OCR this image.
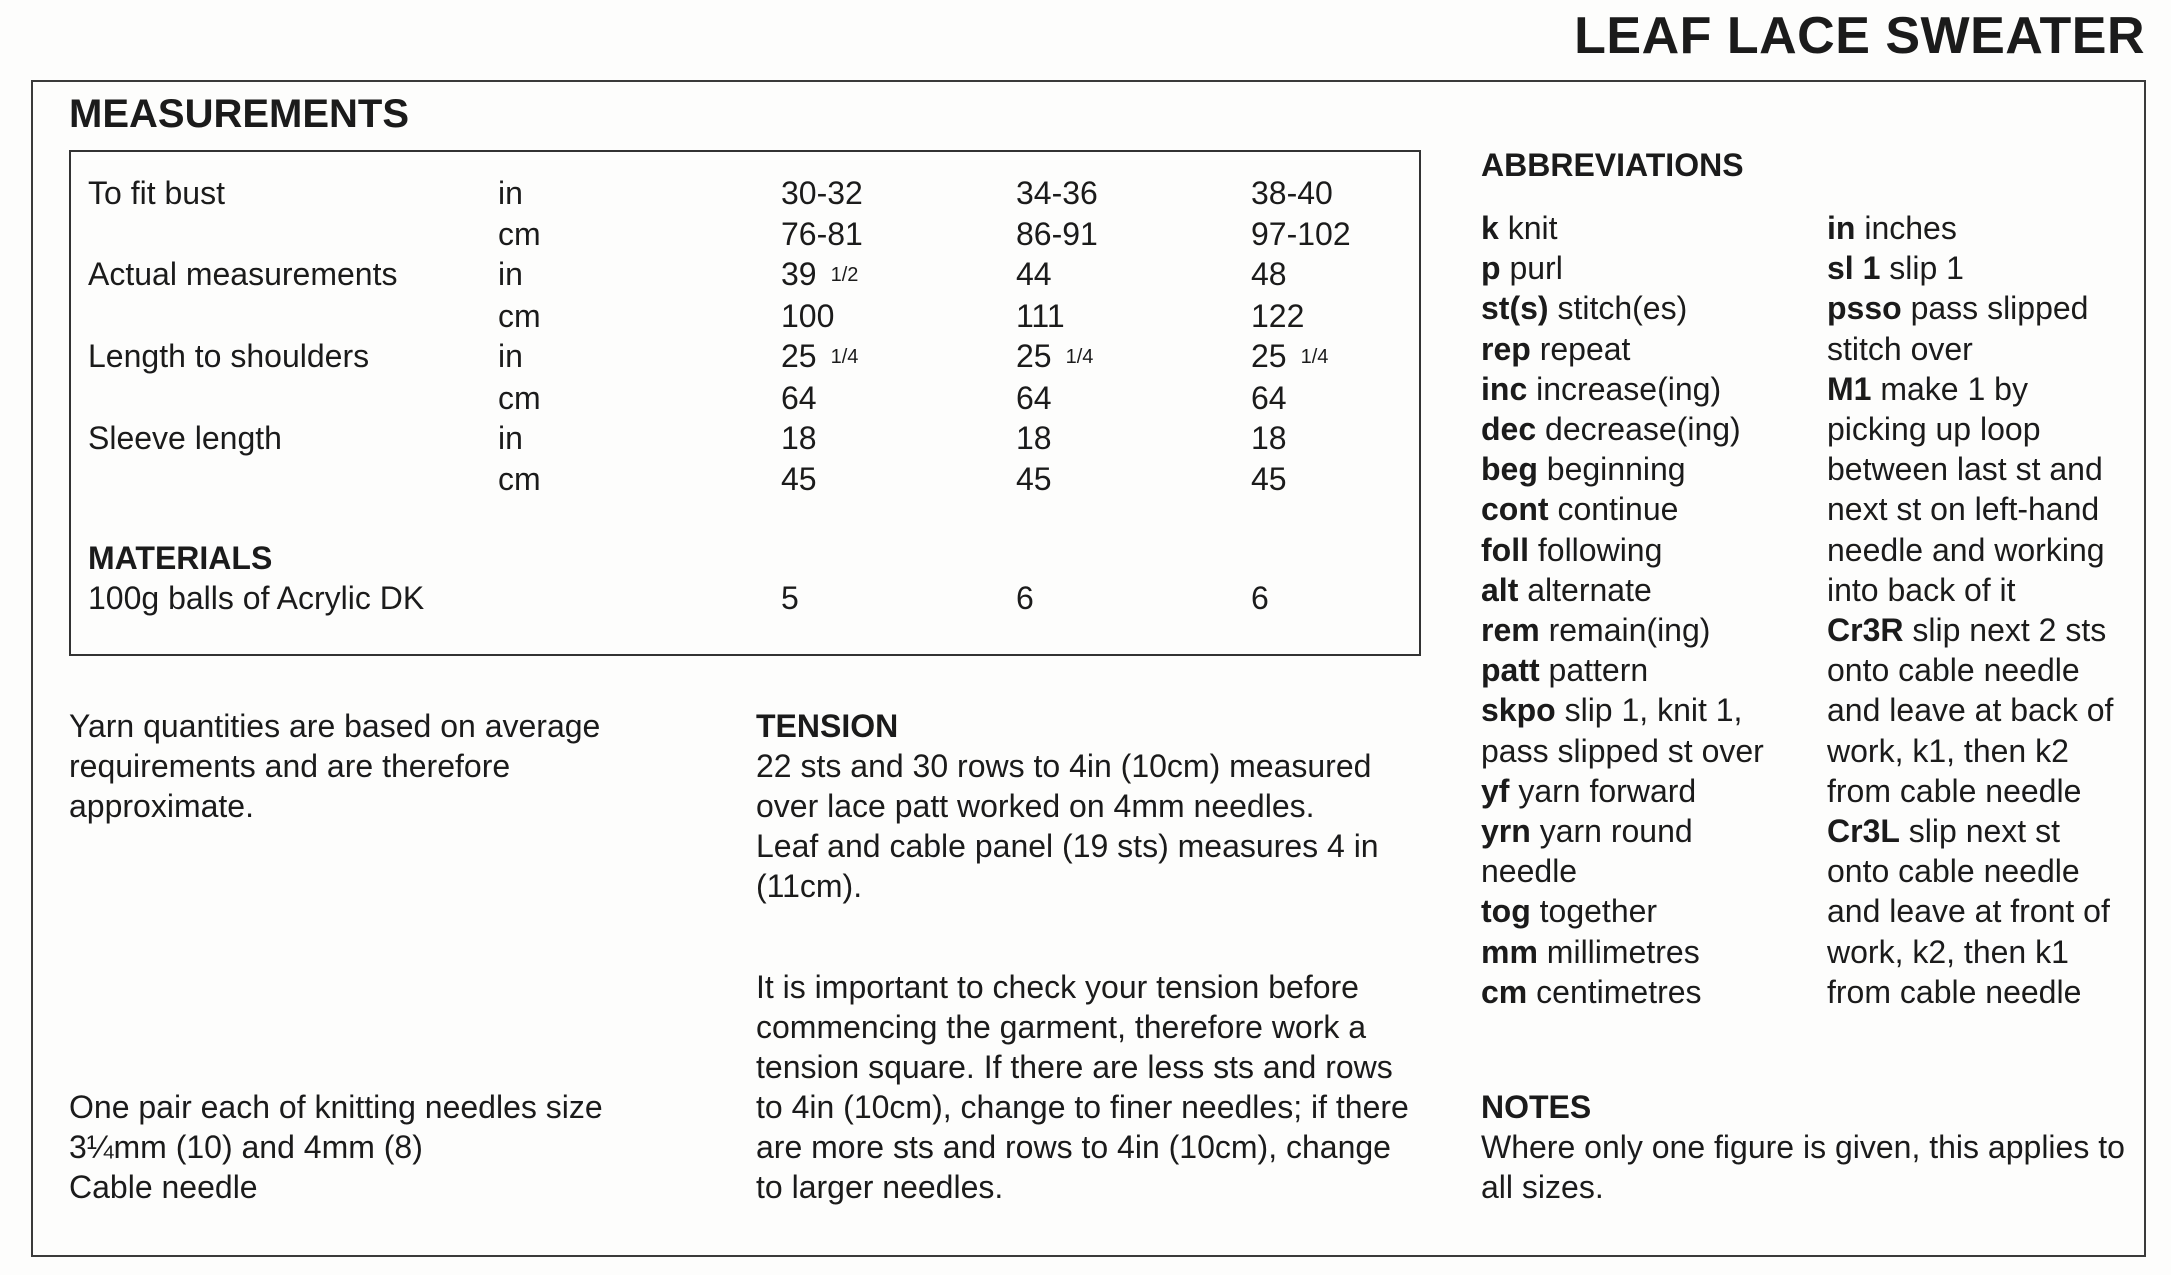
LEAF LACE SWEATER
MEASUREMENTS
To fit bust	in	30-32	34-36	38-40
	cm	76-81	86-91	97-102
Actual measurements	in	39 1/2	44	48
	cm	100	111	122
Length to shoulders	in	25 1/4	25 1/4	25 1/4
	cm	64	64	64
Sleeve length	in	18	18	18
	cm	45	45	45
MATERIALS
100g balls of Acrylic DK	5	6	6

Yarn quantities are based on average
requirements and are therefore
approximate.

One pair each of knitting needles size
3¼mm (10) and 4mm (8)
Cable needle

TENSION
22 sts and 30 rows to 4in (10cm) measured
over lace patt worked on 4mm needles.
Leaf and cable panel (19 sts) measures 4 in
(11cm).

It is important to check your tension before
commencing the garment, therefore work a
tension square. If there are less sts and rows
to 4in (10cm), change to finer needles; if there
are more sts and rows to 4in (10cm), change
to larger needles.

ABBREVIATIONS
k knit
p purl
st(s) stitch(es)
rep repeat
inc increase(ing)
dec decrease(ing)
beg beginning
cont continue
foll following
alt alternate
rem remain(ing)
patt pattern
skpo slip 1, knit 1,
pass slipped st over
yf yarn forward
yrn yarn round
needle
tog together
mm millimetres
cm centimetres
in inches
sl 1 slip 1
psso pass slipped
stitch over
M1 make 1 by
picking up loop
between last st and
next st on left-hand
needle and working
into back of it
Cr3R slip next 2 sts
onto cable needle
and leave at back of
work, k1, then k2
from cable needle
Cr3L slip next st
onto cable needle
and leave at front of
work, k2, then k1
from cable needle

NOTES
Where only one figure is given, this applies to
all sizes.
